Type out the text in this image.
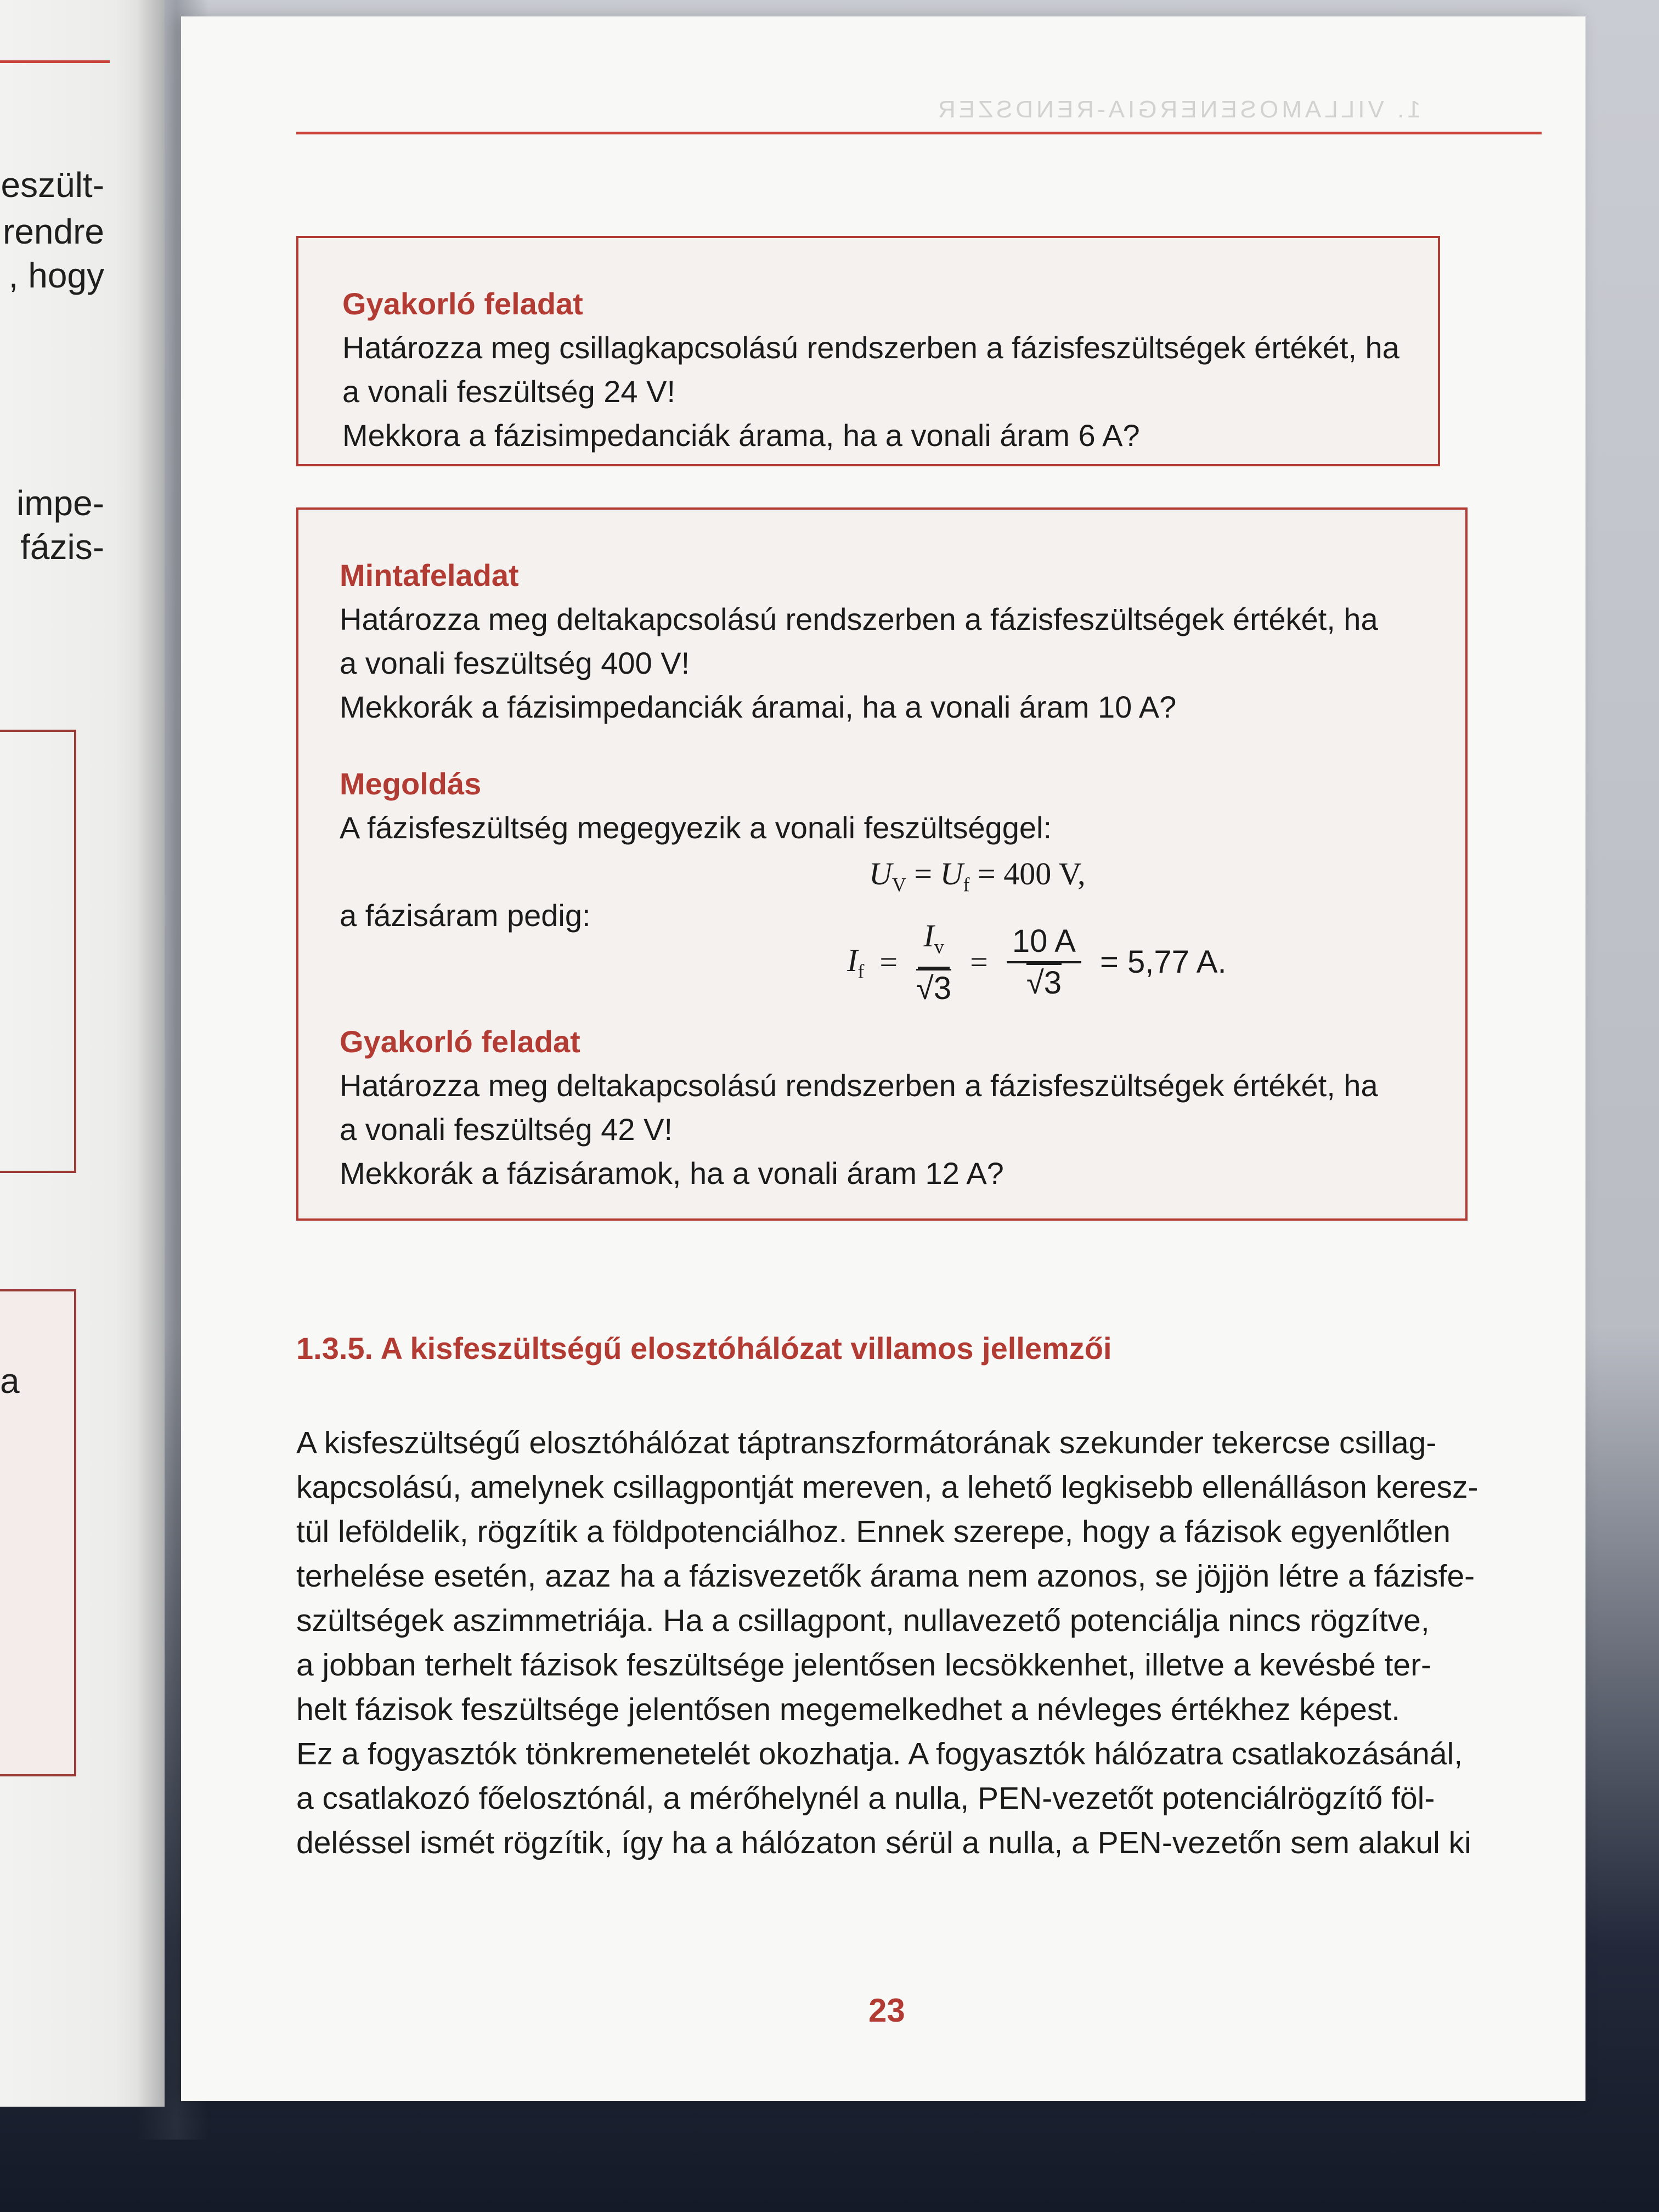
eszült-
rendre
, hogy
impe-
fázis-
a
1. VILLAMOSENERGIA-RENDSZER
Gyakorló feladat
Határozza meg csillagkapcsolású rendszerben a fázisfeszültségek értékét, ha
a vonali feszültség 24 V!
Mekkora a fázisimpedanciák árama, ha a vonali áram 6 A?
Mintafeladat
Határozza meg deltakapcsolású rendszerben a fázisfeszültségek értékét, ha
a vonali feszültség 400 V!
Mekkorák a fázisimpedanciák áramai, ha a vonali áram 10 A?
Megoldás
A fázisfeszültség megegyezik a vonali feszültséggel:
a fázisáram pedig:
Gyakorló feladat
Határozza meg deltakapcsolású rendszerben a fázisfeszültségek értékét, ha
a vonali feszültség 42 V!
Mekkorák a fázisáramok, ha a vonali áram 12 A?
$U_V = U_f = 400$ V,
$I_f = \frac{I_v}{√3} = \frac{10 A}{√3} = 5,77$ A.
1.3.5. A kisfeszültségű elosztóhálózat villamos jellemzői
A kisfeszültségű elosztóhálózat táptranszformátorának szekunder tekercse csillag-
kapcsolású, amelynek csillagpontját mereven, a lehető legkisebb ellenálláson keresz-
tül leföldelik, rögzítik a földpotenciálhoz. Ennek szerepe, hogy a fázisok egyenlőtlen
terhelése esetén, azaz ha a fázisvezetők árama nem azonos, se jöjjön létre a fázisfe-
szültségek aszimmetriája. Ha a csillagpont, nullavezető potenciálja nincs rögzítve,
a jobban terhelt fázisok feszültsége jelentősen lecsökkenhet, illetve a kevésbé ter-
helt fázisok feszültsége jelentősen megemelkedhet a névleges értékhez képest.
Ez a fogyasztók tönkremenetelét okozhatja. A fogyasztók hálózatra csatlakozásánál,
a csatlakozó főelosztónál, a mérőhelynél a nulla, PEN-vezetőt potenciálrögzítő föl-
deléssel ismét rögzítik, így ha a hálózaton sérül a nulla, a PEN-vezetőn sem alakul ki
23
